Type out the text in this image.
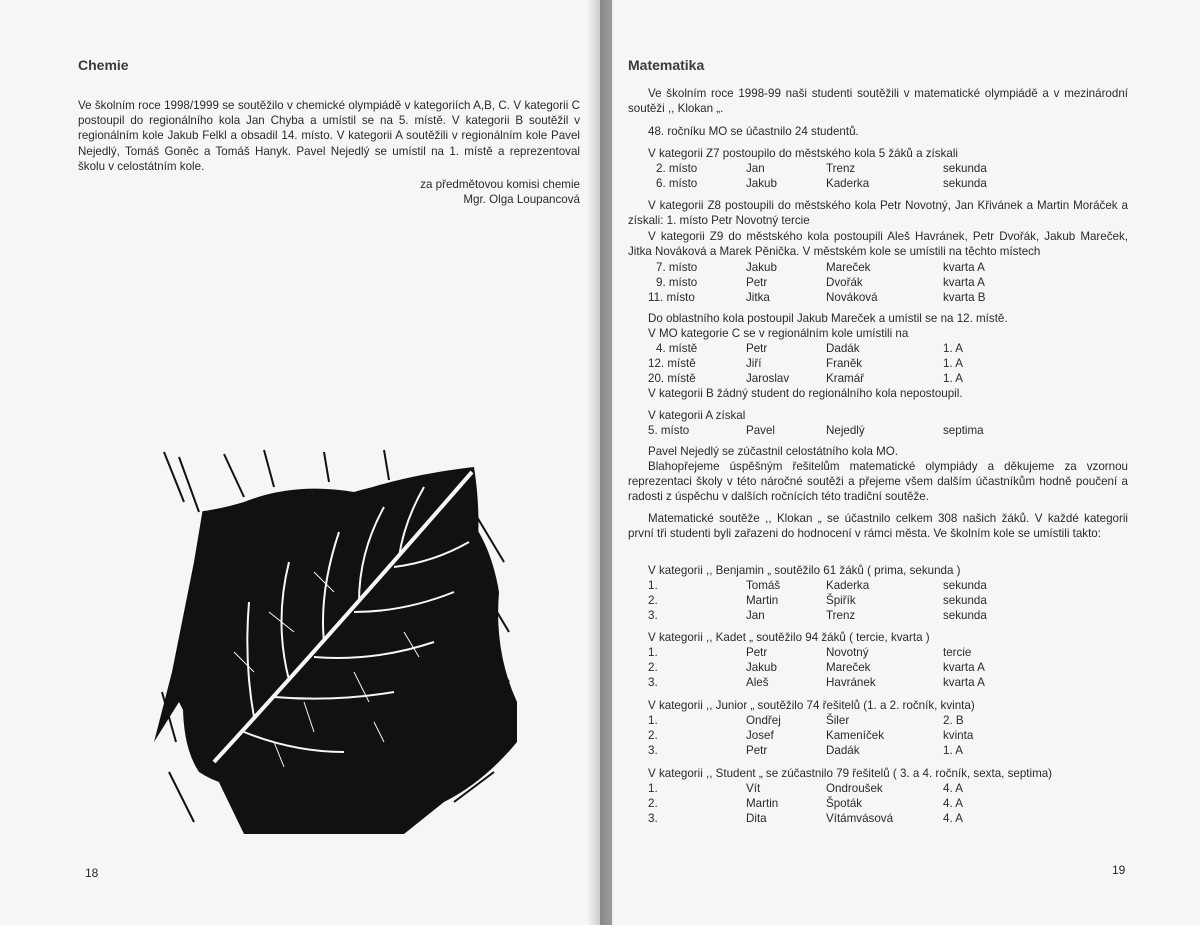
Chemie
Ve školním roce 1998/1999 se soutěžilo v chemické olympiádě v kategoriích A,B, C. V kategorii C postoupil do regionálního kola Jan Chyba a umístil se na 5. místě. V kategorii B soutěžil v regionálním kole Jakub Felkl a obsadil 14. místo. V kategorii A soutěžili v regionálním kole Pavel Nejedlý, Tomáš Goněc a Tomáš Hanyk. Pavel Nejedlý se umístil na 1. místě a reprezentoval školu v celostátním kole.
za předmětovou komisi chemie
Mgr. Olga Loupancová
18
Matematika
Ve školním roce 1998-99 naši studenti soutěžili v matematické olympiádě a v mezinárodní soutěži ,, Klokan „.
48. ročníku MO se účastnilo 24 studentů.
V kategorii Z7 postoupilo do městského kola 5 žáků a získali
2. místo	Jan	Trenz	sekunda
6. místo	Jakub	Kaderka	sekunda
V kategorii Z8 postoupili do městského kola Petr Novotný, Jan Křivánek a Martin Moráček a získali: 1. místo Petr Novotný tercie
V kategorii Z9 do městského kola postoupili Aleš Havránek, Petr Dvořák, Jakub Mareček, Jitka Nováková a Marek Pěnička. V městském kole se umístili na těchto místech
7. místo	Jakub	Mareček	kvarta A
9. místo	Petr	Dvořák	kvarta A
11. místo	Jitka	Nováková	kvarta B
Do oblastního kola postoupil Jakub Mareček a umístil se na 12. místě.
V MO kategorie C se v regionálním kole umístili na
4. místě	Petr	Dadák	1. A
12. místě	Jiří	Franěk	1. A
20. místě	Jaroslav	Kramář	1. A
V kategorii B žádný student do regionálního kola nepostoupil.
V kategorii A získal
5. místo	Pavel	Nejedlý	septima
Pavel Nejedlý se zúčastnil celostátního kola MO.
Blahopřejeme úspěšným řešitelům matematické olympiády a děkujeme za vzornou reprezentaci školy v této náročné soutěži a přejeme všem dalším účastníkům hodně poučení a radosti z úspěchu v dalších ročnících této tradiční soutěže.
Matematické soutěže ,, Klokan „ se účastnilo celkem 308 našich žáků. V každé kategorii první tři studenti byli zařazeni do hodnocení v rámci města. Ve školním kole se umístili takto:
V kategorii ,, Benjamin „ soutěžilo 61 žáků ( prima, sekunda )
1.	Tomáš	Kaderka	sekunda
2.	Martin	Špiřík	sekunda
3.	Jan	Trenz	sekunda
V kategorii ,, Kadet „ soutěžilo 94 žáků ( tercie, kvarta )
1.	Petr	Novotný	tercie
2.	Jakub	Mareček	kvarta A
3.	Aleš	Havránek	kvarta A
V kategorii ,, Junior „ soutěžilo 74 řešitelů (1. a 2. ročník, kvinta)
1.	Ondřej	Šiler	2. B
2.	Josef	Kameníček	kvinta
3.	Petr	Dadák	1. A
V kategorii ,, Student „ se zúčastnilo 79 řešitelů ( 3. a 4. ročník, sexta, septima)
1.	Vít	Ondroušek	4. A
2.	Martin	Špoták	4. A
3.	Dita	Vítámvásová	4. A
19
